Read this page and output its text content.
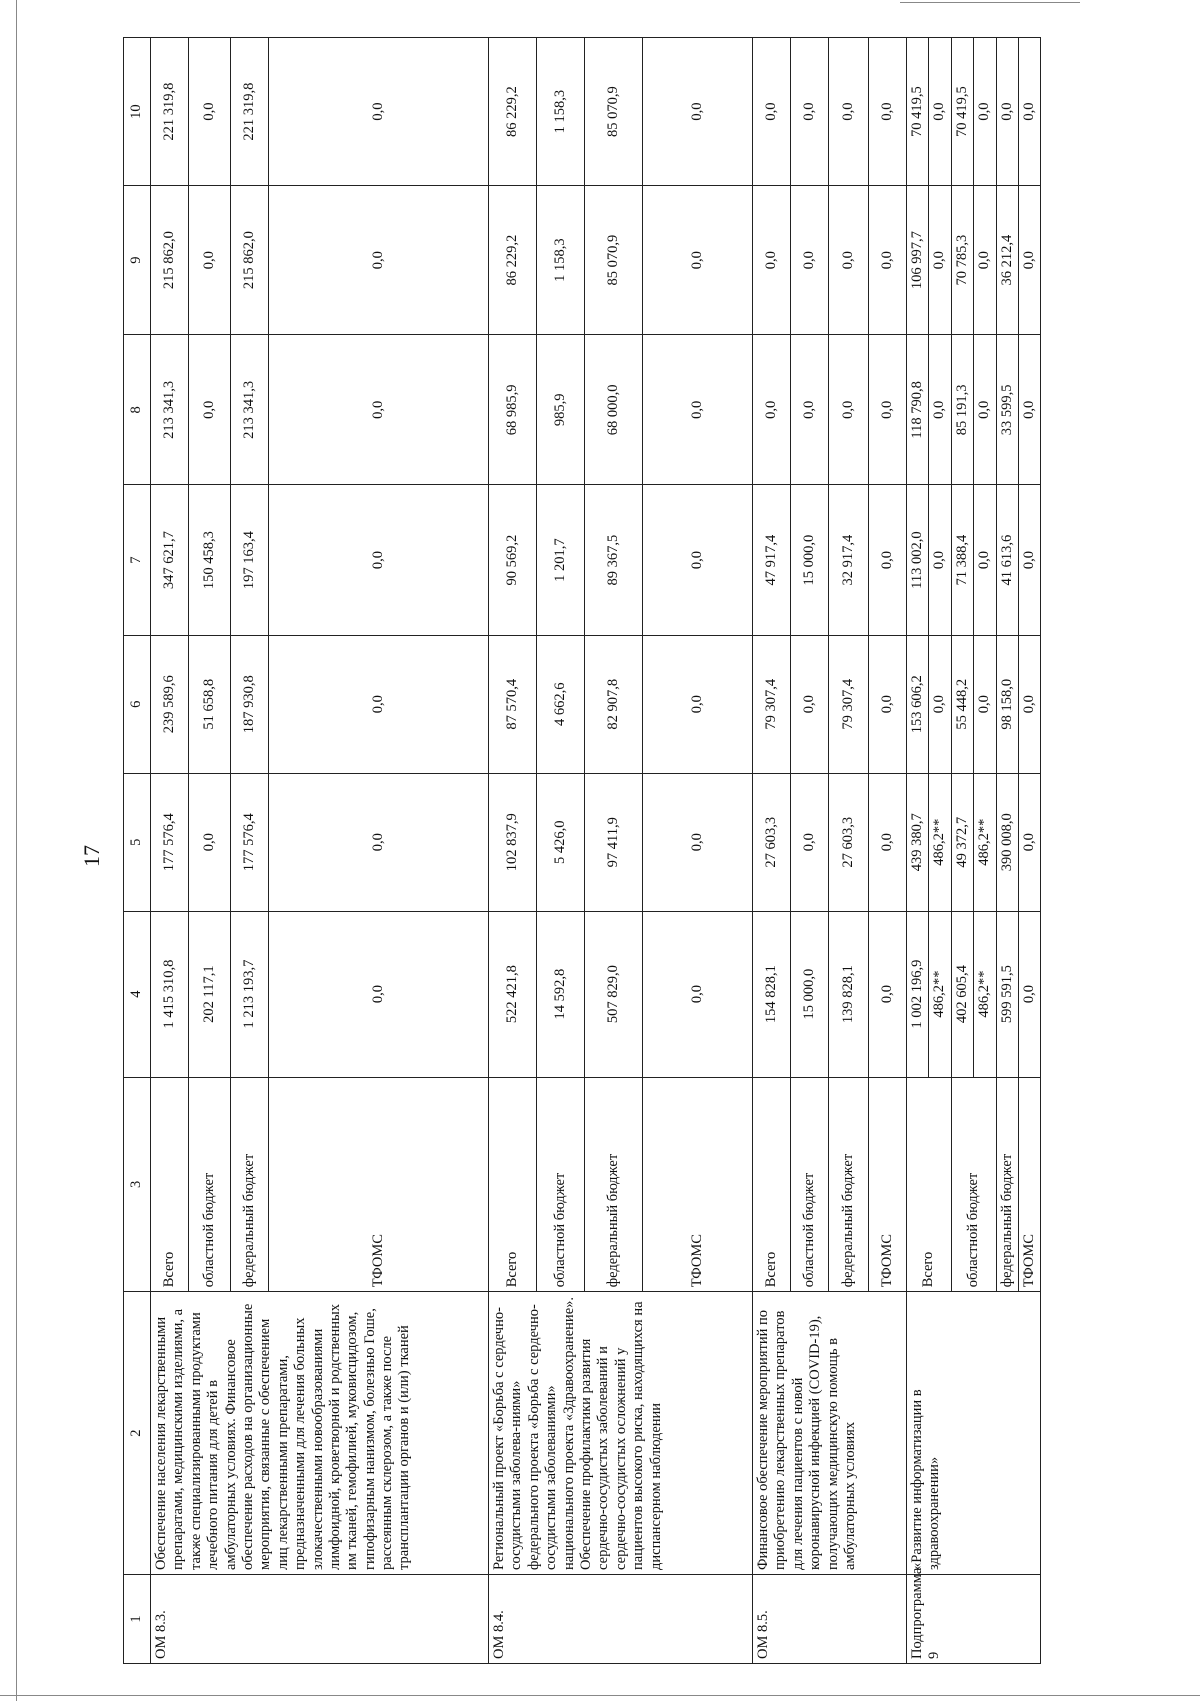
17
1	2	3	4	5	6	7	8	9	10
ОМ 8.3.	Обеспечение населения лекарственными препаратами, медицинскими изделиями, а также специализированными продуктами лечебного питания для детей в амбулаторных условиях. Финансовое обеспечение расходов на организационные мероприятия, связанные с обеспечением лиц лекарственными препаратами, предназначенными для лечения больных злокачественными новообразованиями лимфоидной, кроветворной и родственных им тканей, гемофилией, муковисцидозом, гипофизарным нанизмом, болезнью Гоше, рассеянным склерозом, а также после трансплантации органов и (или) тканей	Всего	1 415 310,8	177 576,4	239 589,6	347 621,7	213 341,3	215 862,0	221 319,8
		областной бюджет	202 117,1	0,0	51 658,8	150 458,3	0,0	0,0	0,0
		федеральный бюджет	1 213 193,7	177 576,4	187 930,8	197 163,4	213 341,3	215 862,0	221 319,8
		ТФОМС	0,0	0,0	0,0	0,0	0,0	0,0	0,0
ОМ 8.4.	Региональный проект «Борьба с сердечно-сосудистыми заболева-ниями» федерального проекта «Борьба с сердечно-сосудистыми заболеваниями» национального проекта «Здравоохранение». Обеспечение профилактики развития сердечно-сосудистых заболеваний и сердечно-сосудистых осложнений у пациентов высокого риска, находящихся на диспансерном наблюдении	Всего	522 421,8	102 837,9	87 570,4	90 569,2	68 985,9	86 229,2	86 229,2
		областной бюджет	14 592,8	5 426,0	4 662,6	1 201,7	985,9	1 158,3	1 158,3
		федеральный бюджет	507 829,0	97 411,9	82 907,8	89 367,5	68 000,0	85 070,9	85 070,9
		ТФОМС	0,0	0,0	0,0	0,0	0,0	0,0	0,0
ОМ 8.5.	Финансовое обеспечение мероприятий по приобретению лекарственных препаратов для лечения пациентов с новой коронавирусной инфекцией (COVID-19), получающих медицинскую помощь в амбулаторных условиях	Всего	154 828,1	27 603,3	79 307,4	47 917,4	0,0	0,0	0,0
		областной бюджет	15 000,0	0,0	0,0	15 000,0	0,0	0,0	0,0
		федеральный бюджет	139 828,1	27 603,3	79 307,4	32 917,4	0,0	0,0	0,0
		ТФОМС	0,0	0,0	0,0	0,0	0,0	0,0	0,0
Подпрограмма 9	«Развитие информатизации в здравоохранении»	Всего	1 002 196,9	439 380,7	153 606,2	113 002,0	118 790,8	106 997,7	70 419,5
			486,2**	486,2**	0,0	0,0	0,0	0,0	0,0
		областной бюджет	402 605,4	49 372,7	55 448,2	71 388,4	85 191,3	70 785,3	70 419,5
			486,2**	486,2**	0,0	0,0	0,0	0,0	0,0
		федеральный бюджет	599 591,5	390 008,0	98 158,0	41 613,6	33 599,5	36 212,4	0,0
		ТФОМС	0,0	0,0	0,0	0,0	0,0	0,0	0,0
